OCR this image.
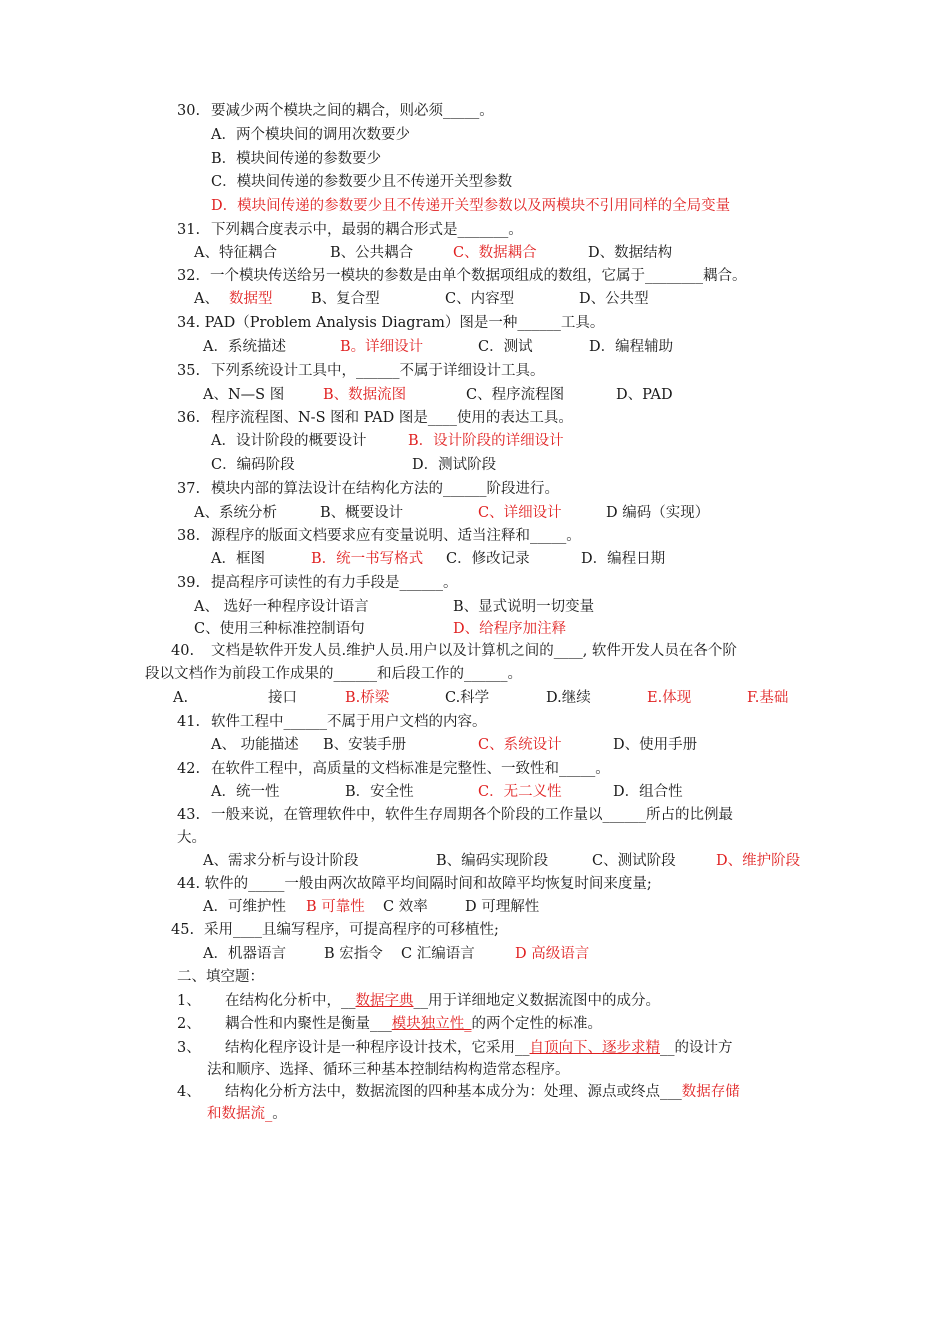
30. 要减少两个模块之间的耦合，则必须_____。
A．两个模块间的调用次数要少
B．模块间传递的参数要少
C．模块间传递的参数要少且不传递开关型参数
D．模块间传递的参数要少且不传递开关型参数以及两模块不引用同样的全局变量
31. 下列耦合度表示中，最弱的耦合形式是_______。
A、特征耦合	B、公共耦合	C、数据耦合	D、数据结构
32．一个模块传送给另一模块的参数是由单个数据项组成的数组，它属于________耦合。
A、 数据型	B、复合型	C、内容型	D、公共型
34. PAD（Problem Analysis Diagram）图是一种______工具。
A．系统描述	B。详细设计	C．测试	D．编程辅助
35. 下列系统设计工具中，______不属于详细设计工具。
A、N—S 图	B、数据流图	C、程序流程图	D、PAD
36. 程序流程图、N-S 图和 PAD 图是____使用的表达工具。
A．设计阶段的概要设计	B．设计阶段的详细设计
C．编码阶段	D．测试阶段
37. 模块内部的算法设计在结构化方法的______阶段进行。
A、系统分析	B、概要设计	C、详细设计	D 编码（实现）
38. 源程序的版面文档要求应有变量说明、适当注释和_____。
A．框图	B．统一书写格式 C．修改记录	D．编程日期
39. 提高程序可读性的有力手段是______。
A、 选好一种程序设计语言	B、显式说明一切变量
C、使用三种标准控制语句	D、给程序加注释
40. 文档是软件开发人员.维护人员.用户以及计算机之间的____, 软件开发人员在各个阶
段以文档作为前段工作成果的______和后段工作的______。
A.	接口	B.桥梁	C.科学	D.继续	E.体现	F.基础
41. 软件工程中______不属于用户文档的内容。
A、 功能描述 B、安装手册	C、系统设计	D、使用手册
42. 在软件工程中，高质量的文档标准是完整性、一致性和_____。
A．统一性	B．安全性	C．无二义性	D．组合性
43. 一般来说，在管理软件中，软件生存周期各个阶段的工作量以______所占的比例最
大。
A、需求分析与设计阶段	B、编码实现阶段	C、测试阶段	D、维护阶段
44. 软件的_____一般由两次故障平均间隔时间和故障平均恢复时间来度量;
A．可维护性 B 可靠性 C 效率	D 可理解性
45. 采用____且编写程序，可提高程序的可移植性;
A．机器语言	B 宏指令 C 汇编语言	D 高级语言
二、填空题：
1、 在结构化分析中，__数据字典__用于详细地定义数据流图中的成分。
2、 耦合性和内聚性是衡量___模块独立性_的两个定性的标准。
3、 结构化程序设计是一种程序设计技术，它采用__自顶向下、逐步求精__的设计方
法和顺序、选择、循环三种基本控制结构构造常态程序。
4、 结构化分析方法中，数据流图的四种基本成分为：处理、源点或终点___数据存储
和数据流_。
